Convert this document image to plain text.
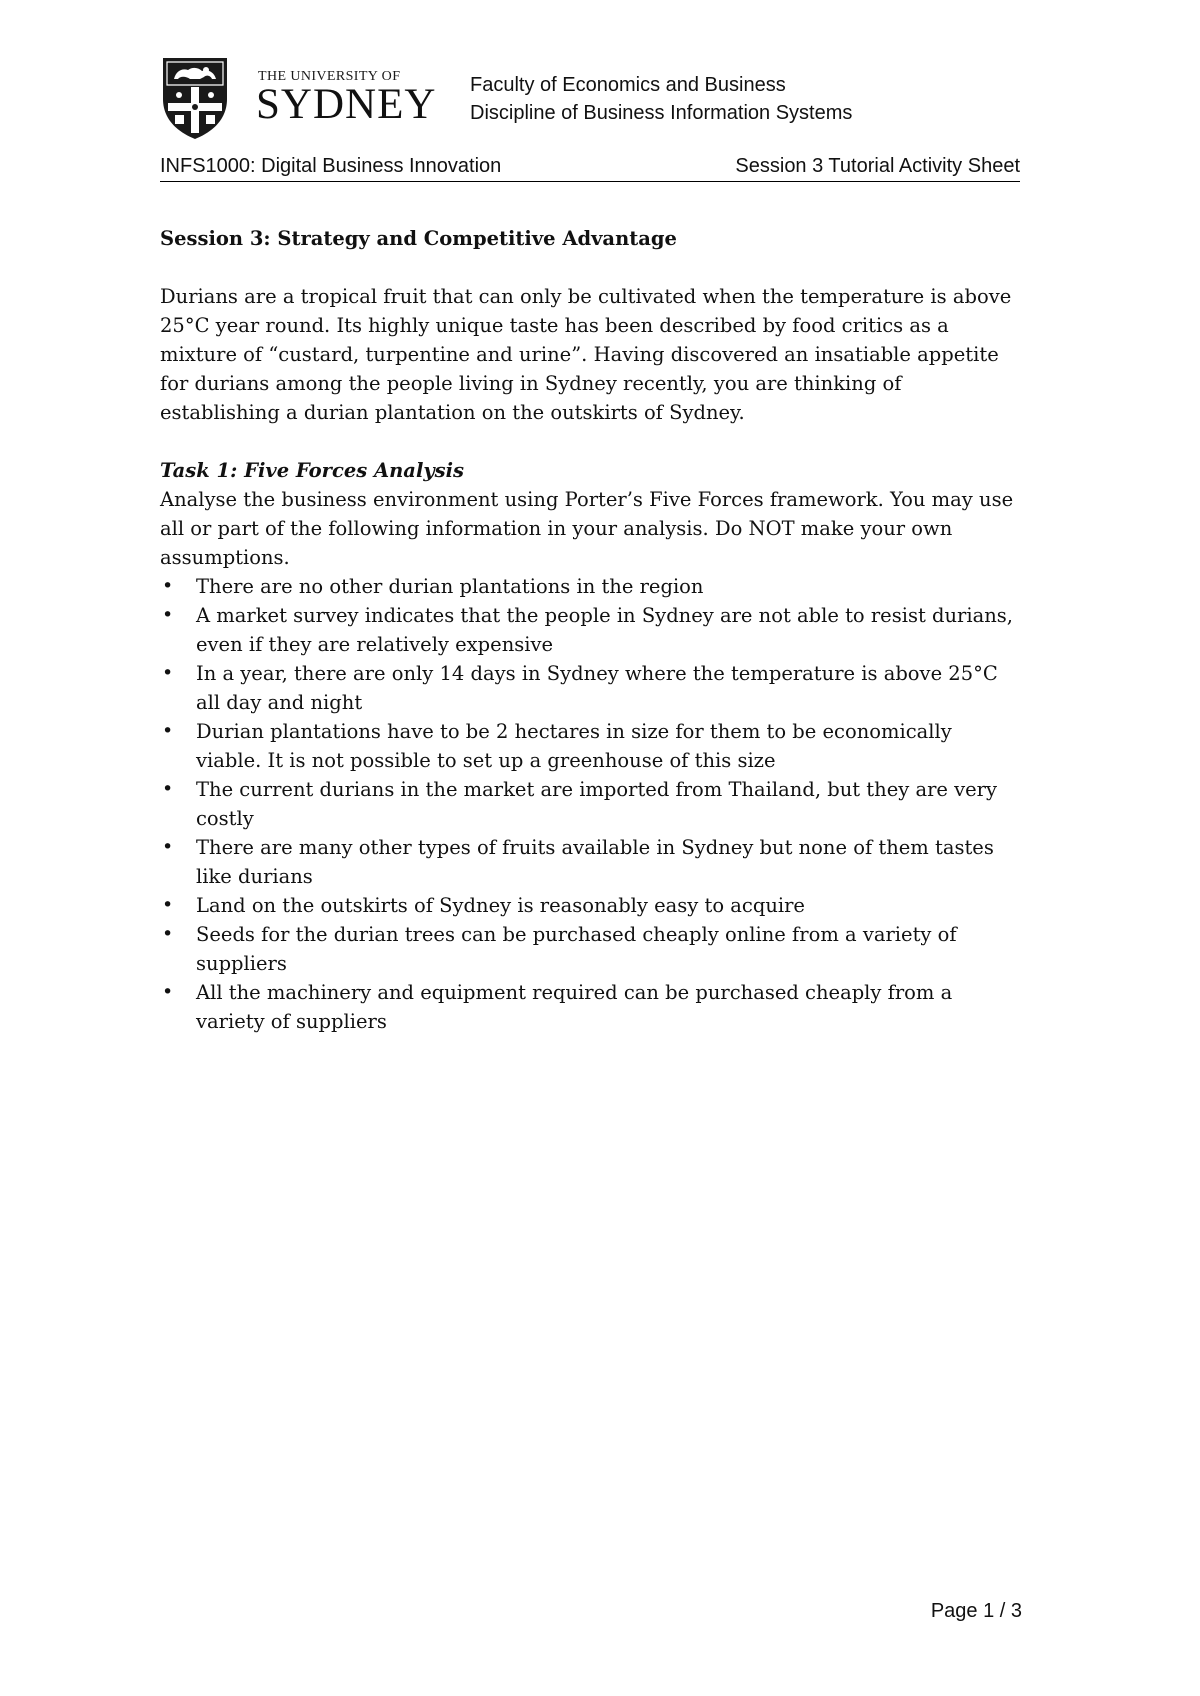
THE UNIVERSITY OF
SYDNEY Faculty of Economics and Business
Discipline of Business Information Systems
INFS1000: Digital Business Innovation	Session 3 Tutorial Activity Sheet

Session 3: Strategy and Competitive Advantage

Durians are a tropical fruit that can only be cultivated when the temperature is above 25°C year round. Its highly unique taste has been described by food critics as a mixture of “custard, turpentine and urine”. Having discovered an insatiable appetite for durians among the people living in Sydney recently, you are thinking of establishing a durian plantation on the outskirts of Sydney.

Task 1: Five Forces Analysis

Analyse the business environment using Porter’s Five Forces framework. You may use all or part of the following information in your analysis. Do NOT make your own assumptions.

• There are no other durian plantations in the region
• A market survey indicates that the people in Sydney are not able to resist durians, even if they are relatively expensive
• In a year, there are only 14 days in Sydney where the temperature is above 25°C all day and night
• Durian plantations have to be 2 hectares in size for them to be economically viable. It is not possible to set up a greenhouse of this size
• The current durians in the market are imported from Thailand, but they are very costly
• There are many other types of fruits available in Sydney but none of them tastes like durians
• Land on the outskirts of Sydney is reasonably easy to acquire
• Seeds for the durian trees can be purchased cheaply online from a variety of suppliers
• All the machinery and equipment required can be purchased cheaply from a variety of suppliers
Page 1 / 3
